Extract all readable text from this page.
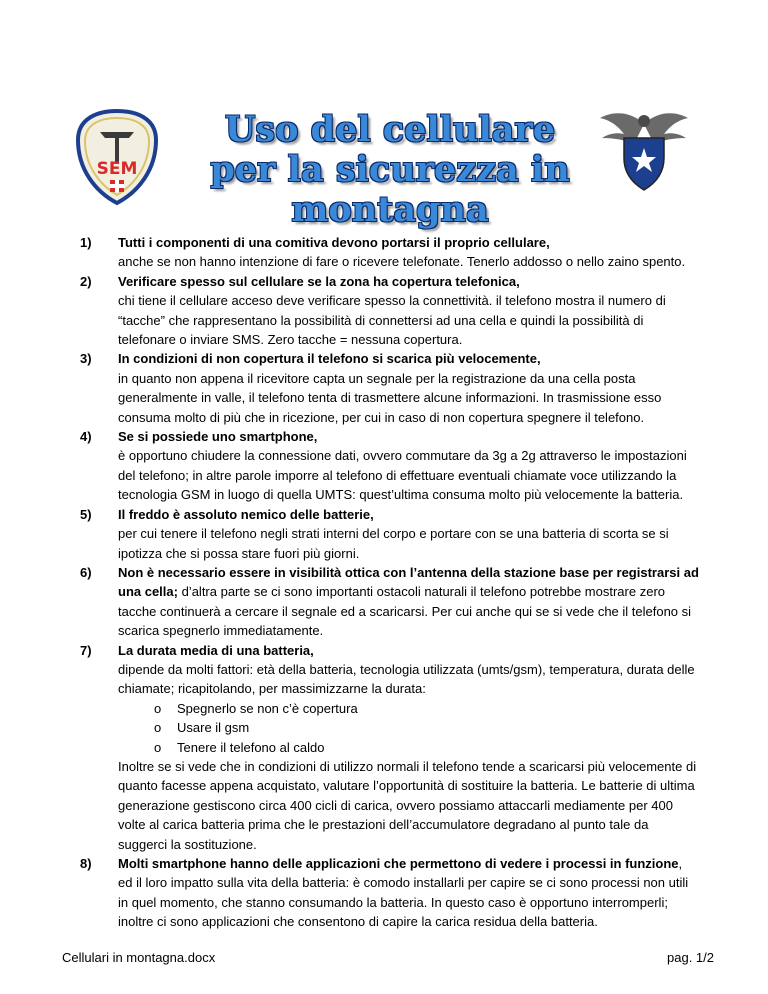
SEM
Uso del cellulare
per la sicurezza in montagna
1) Tutti i componenti di una comitiva devono portarsi il proprio cellulare,
anche se non hanno intenzione di fare o ricevere telefonate. Tenerlo addosso o nello zaino spento.
2) Verificare spesso sul cellulare se la zona ha copertura telefonica,
chi tiene il cellulare acceso deve verificare spesso la connettività. il telefono mostra il numero di “tacche” che rappresentano la possibilità di connettersi ad una cella e quindi la possibilità di telefonare o inviare SMS. Zero tacche = nessuna copertura.
3) In condizioni di non copertura il telefono si scarica più velocemente,
in quanto non appena il ricevitore capta un segnale per la registrazione da una cella posta generalmente in valle, il telefono tenta di trasmettere alcune informazioni. In trasmissione esso consuma molto di più che in ricezione, per cui in caso di non copertura spegnere il telefono.
4) Se si possiede uno smartphone,
è opportuno chiudere la connessione dati, ovvero commutare da 3g a 2g attraverso le impostazioni del telefono; in altre parole imporre al telefono di effettuare eventuali chiamate voce utilizzando la tecnologia GSM in luogo di quella UMTS: quest’ultima consuma molto più velocemente la batteria.
5) Il freddo è assoluto nemico delle batterie,
per cui tenere il telefono negli strati interni del corpo e portare con se una batteria di scorta se si ipotizza che si possa stare fuori più giorni.
6) Non è necessario essere in visibilità ottica con l’antenna della stazione base per registrarsi ad una cella; d’altra parte se ci sono importanti ostacoli naturali il telefono potrebbe mostrare zero tacche continuerà a cercare il segnale ed a scaricarsi. Per cui anche qui se si vede che il telefono si scarica spegnerlo immediatamente.
7) La durata media di una batteria,
dipende da molti fattori: età della batteria, tecnologia utilizzata (umts/gsm), temperatura, durata delle chiamate; ricapitolando, per massimizzarne la durata:
o Spegnerlo se non c’è copertura
o Usare il gsm
o Tenere il telefono al caldo
Inoltre se si vede che in condizioni di utilizzo normali il telefono tende a scaricarsi più velocemente di quanto facesse appena acquistato, valutare l’opportunità di sostituire la batteria. Le batterie di ultima generazione gestiscono circa 400 cicli di carica, ovvero possiamo attaccarli mediamente per 400 volte al carica batteria prima che le prestazioni dell’accumulatore degradano al punto tale da suggerci la sostituzione.
8) Molti smartphone hanno delle applicazioni che permettono di vedere i processi in funzione,
ed il loro impatto sulla vita della batteria: è comodo installarli per capire se ci sono processi non utili in quel momento, che stanno consumando la batteria. In questo caso è opportuno interromperli; inoltre ci sono applicazioni che consentono di capire la carica residua della batteria.
Cellulari in montagna.docx	pag. 1/2
